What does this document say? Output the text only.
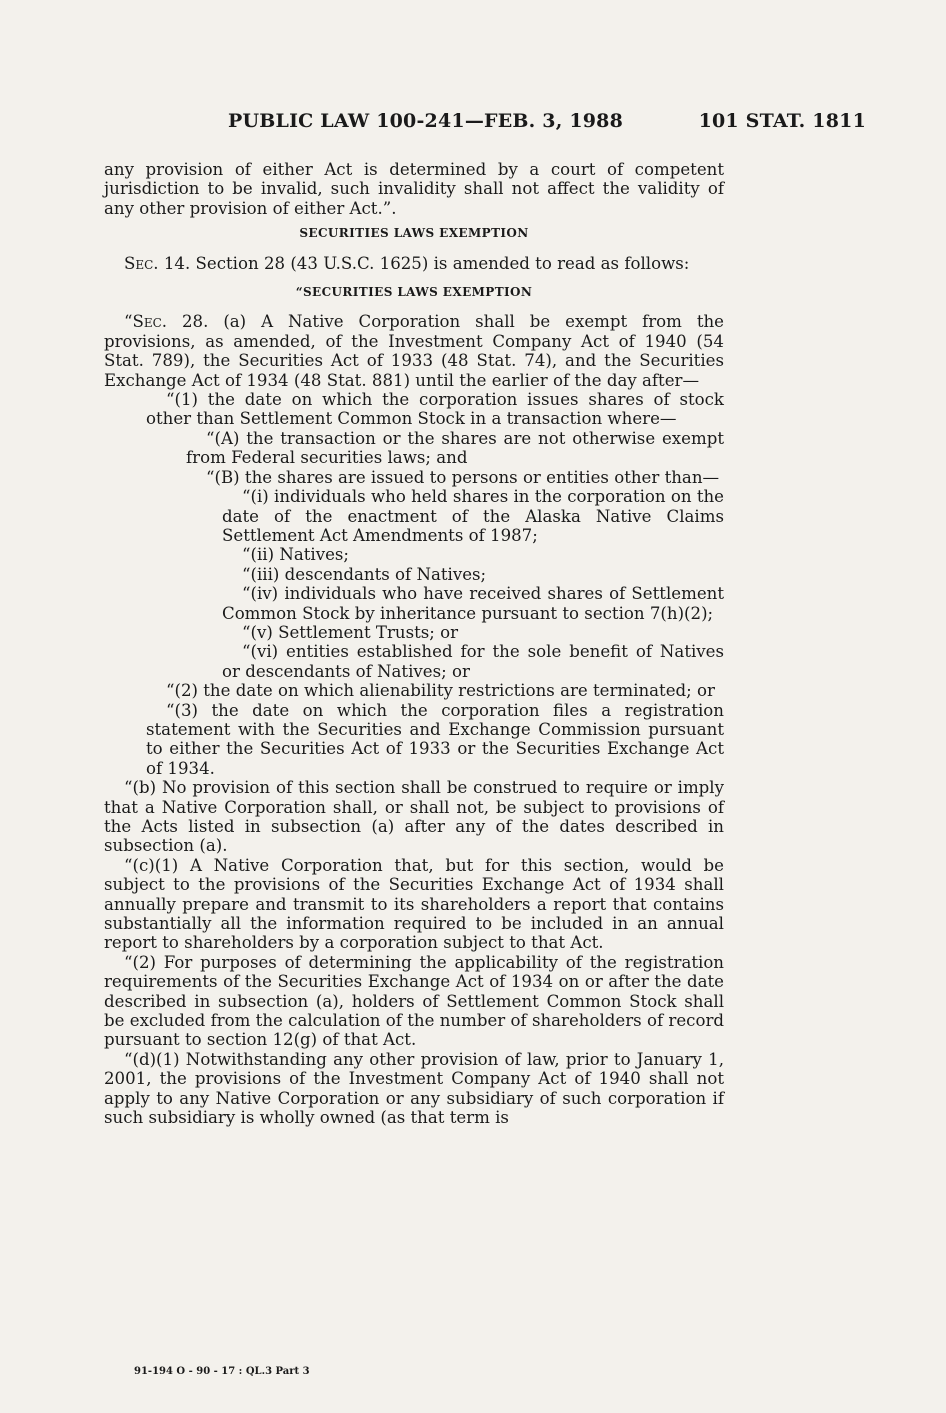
PUBLIC LAW 100-241—FEB. 3, 1988	101 STAT. 1811

any provision of either Act is determined by a court of competent jurisdiction to be invalid, such invalidity shall not affect the validity of any other provision of either Act.”.

SECURITIES LAWS EXEMPTION

Sec. 14. Section 28 (43 U.S.C. 1625) is amended to read as follows:

“SECURITIES LAWS EXEMPTION

“Sec. 28. (a) A Native Corporation shall be exempt from the provisions, as amended, of the Investment Company Act of 1940 (54 Stat. 789), the Securities Act of 1933 (48 Stat. 74), and the Securities Exchange Act of 1934 (48 Stat. 881) until the earlier of the day after—

“(1) the date on which the corporation issues shares of stock other than Settlement Common Stock in a transaction where—

“(A) the transaction or the shares are not otherwise exempt from Federal securities laws; and

“(B) the shares are issued to persons or entities other than—

“(i) individuals who held shares in the corporation on the date of the enactment of the Alaska Native Claims Settlement Act Amendments of 1987;

“(ii) Natives;

“(iii) descendants of Natives;

“(iv) individuals who have received shares of Settlement Common Stock by inheritance pursuant to section 7(h)(2);

“(v) Settlement Trusts; or

“(vi) entities established for the sole benefit of Natives or descendants of Natives; or

“(2) the date on which alienability restrictions are terminated; or

“(3) the date on which the corporation files a registration statement with the Securities and Exchange Commission pursuant to either the Securities Act of 1933 or the Securities Exchange Act of 1934.

“(b) No provision of this section shall be construed to require or imply that a Native Corporation shall, or shall not, be subject to provisions of the Acts listed in subsection (a) after any of the dates described in subsection (a).

“(c)(1) A Native Corporation that, but for this section, would be subject to the provisions of the Securities Exchange Act of 1934 shall annually prepare and transmit to its shareholders a report that contains substantially all the information required to be included in an annual report to shareholders by a corporation subject to that Act.

“(2) For purposes of determining the applicability of the registration requirements of the Securities Exchange Act of 1934 on or after the date described in subsection (a), holders of Settlement Common Stock shall be excluded from the calculation of the number of shareholders of record pursuant to section 12(g) of that Act.

“(d)(1) Notwithstanding any other provision of law, prior to January 1, 2001, the provisions of the Investment Company Act of 1940 shall not apply to any Native Corporation or any subsidiary of such corporation if such subsidiary is wholly owned (as that term is

91-194 O - 90 - 17 : QL.3 Part 3
